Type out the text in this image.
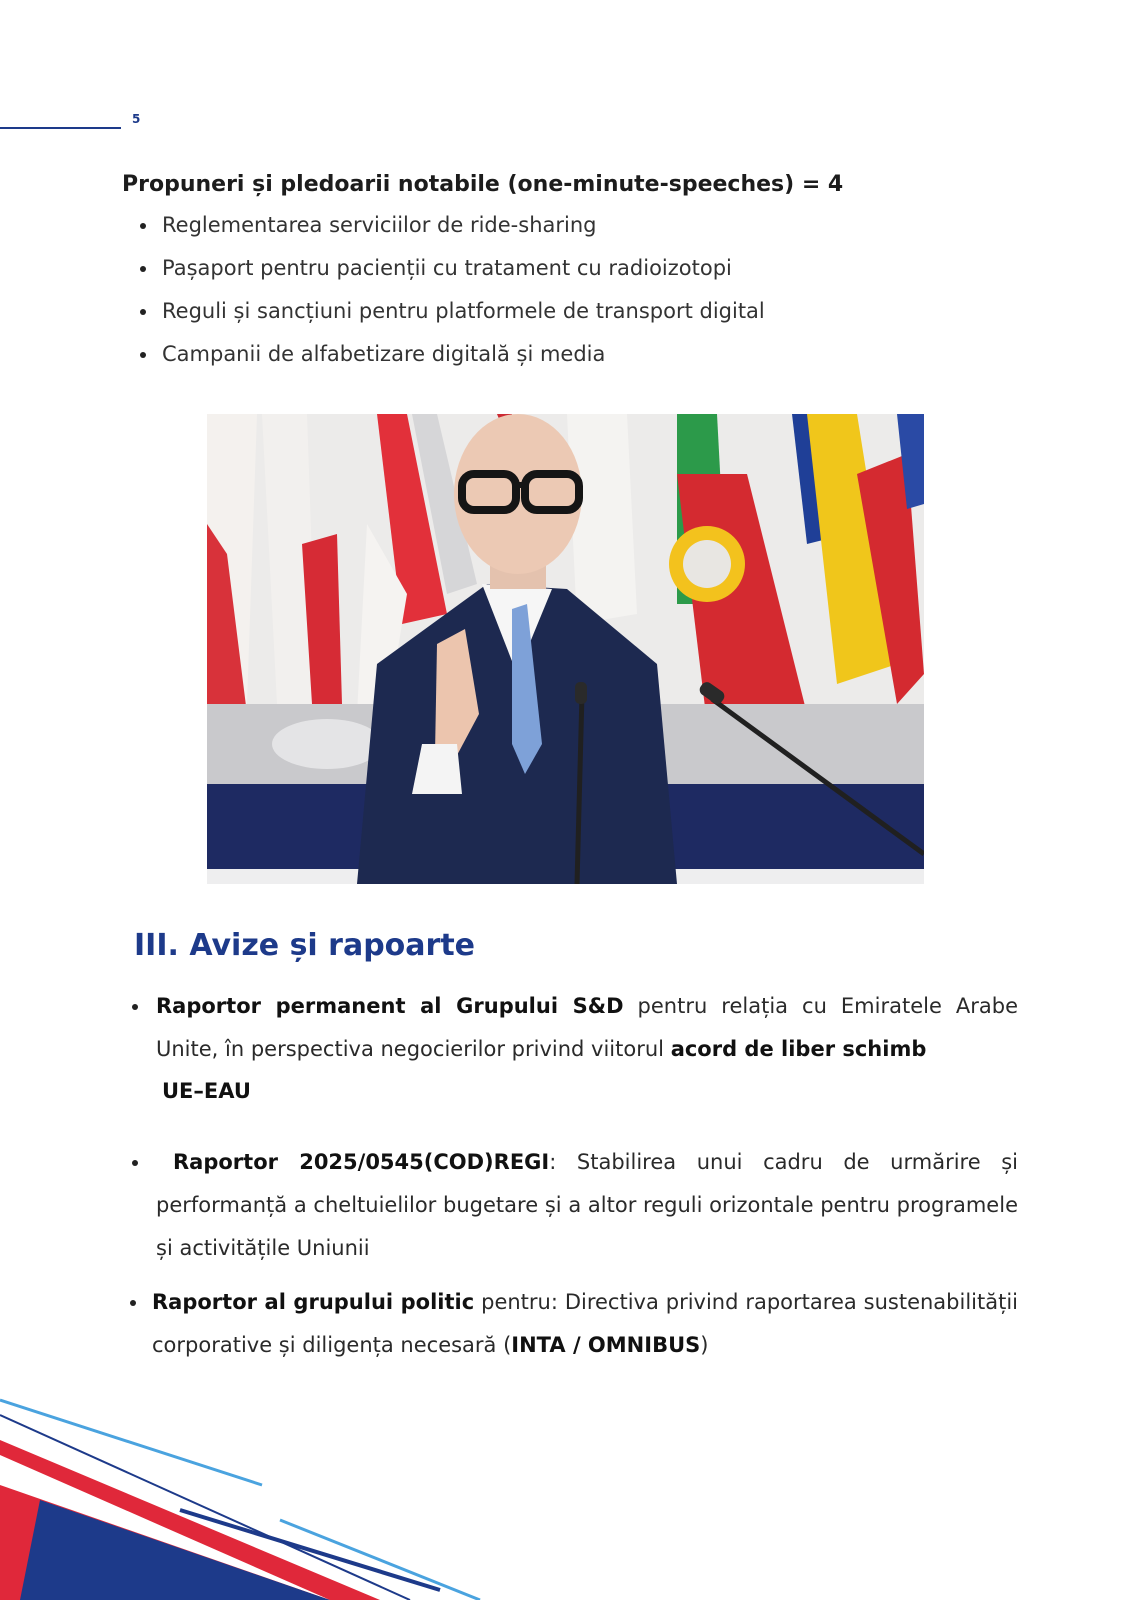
5
Propuneri și pledoarii notabile (one-minute-speeches) = 4
Reglementarea serviciilor de ride-sharing
Pașaport pentru pacienții cu tratament cu radioizotopi
Reguli și sancțiuni pentru platformele de transport digital
Campanii de alfabetizare digitală și media
III. Avize și rapoarte

Raportor permanent al Grupului S&D pentru relația cu Emiratele Arabe Unite, în perspectiva negocierilor privind viitorul acord de liber schimb

UE–EAU

Raportor 2025/0545(COD)REGI: Stabilirea unui cadru de urmărire și performanță a cheltuielilor bugetare și a altor reguli orizontale pentru programele și activitățile Uniunii

Raportor al grupului politic pentru: Directiva privind raportarea sustenabilității corporative și diligența necesară (INTA / OMNIBUS)
